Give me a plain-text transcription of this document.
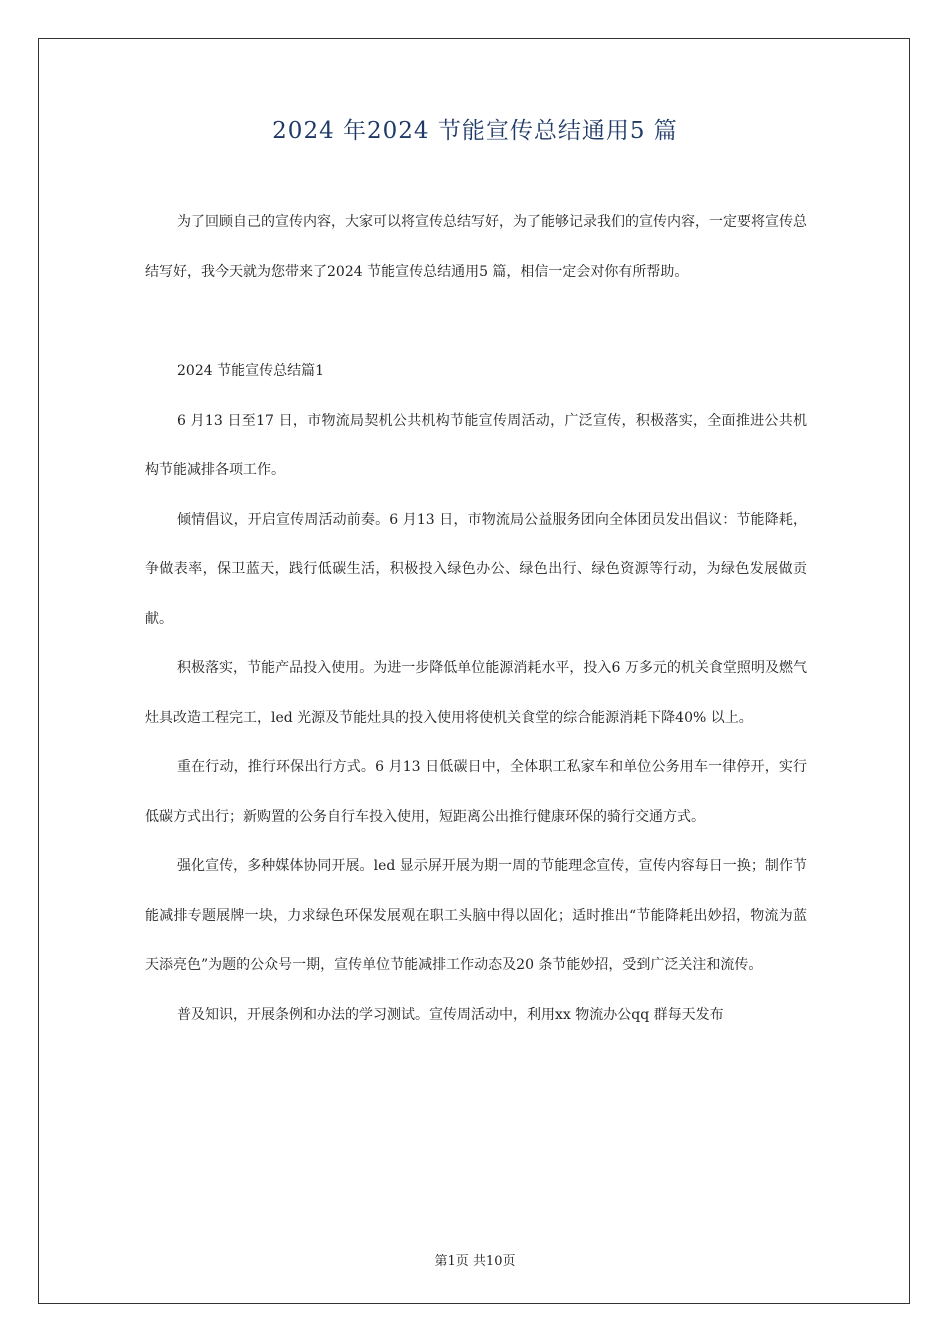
2024 年2024 节能宣传总结通用5 篇

为了回顾自己的宣传内容，大家可以将宣传总结写好，为了能够记录我们的宣传内容，一定要将宣传总结写好，我今天就为您带来了2024 节能宣传总结通用5 篇，相信一定会对你有所帮助。

2024 节能宣传总结篇1

6 月13 日至17 日，市物流局契机公共机构节能宣传周活动，广泛宣传，积极落实，全面推进公共机构节能减排各项工作。

倾情倡议，开启宣传周活动前奏。6 月13 日，市物流局公益服务团向全体团员发出倡议：节能降耗，争做表率，保卫蓝天，践行低碳生活，积极投入绿色办公、绿色出行、绿色资源等行动，为绿色发展做贡献。

积极落实，节能产品投入使用。为进一步降低单位能源消耗水平，投入6 万多元的机关食堂照明及燃气灶具改造工程完工，led 光源及节能灶具的投入使用将使机关食堂的综合能源消耗下降40% 以上。

重在行动，推行环保出行方式。6 月13 日低碳日中，全体职工私家车和单位公务用车一律停开，实行低碳方式出行；新购置的公务自行车投入使用，短距离公出推行健康环保的骑行交通方式。

强化宣传，多种媒体协同开展。led 显示屏开展为期一周的节能理念宣传，宣传内容每日一换；制作节能减排专题展牌一块，力求绿色环保发展观在职工头脑中得以固化；适时推出“节能降耗出妙招，物流为蓝天添亮色”为题的公众号一期，宣传单位节能减排工作动态及20 条节能妙招，受到广泛关注和流传。

普及知识，开展条例和办法的学习测试。宣传周活动中，利用xx 物流办公qq 群每天发布

第1页 共10页
